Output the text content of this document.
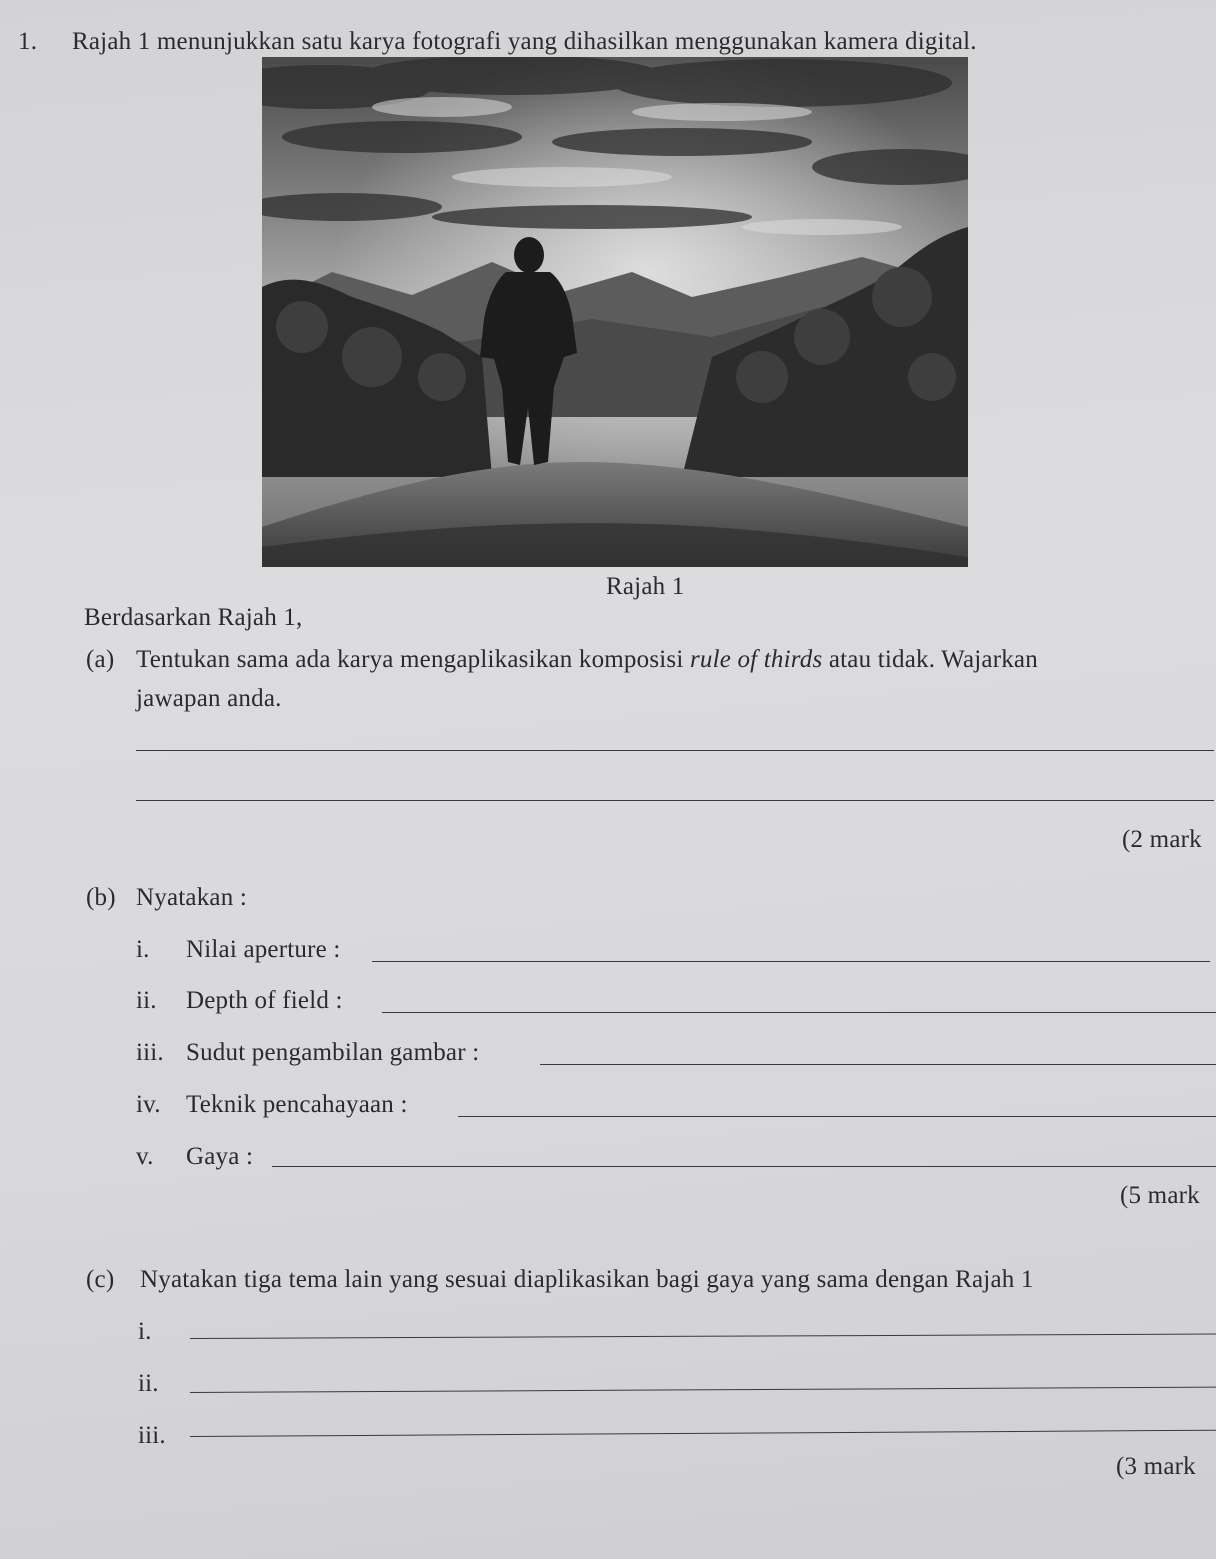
1. Rajah 1 menunjukkan satu karya fotografi yang dihasilkan menggunakan kamera digital.
Rajah 1
Berdasarkan Rajah 1,
(a) Tentukan sama ada karya mengaplikasikan komposisi rule of thirds atau tidak. Wajarkan
jawapan anda.
(2 mark
(b) Nyatakan :
i. Nilai aperture :
ii. Depth of field :
iii. Sudut pengambilan gambar :
iv. Teknik pencahayaan :
v. Gaya :
(5 mark
(c) Nyatakan tiga tema lain yang sesuai diaplikasikan bagi gaya yang sama dengan Rajah 1
i.
ii.
iii.
(3 mark
